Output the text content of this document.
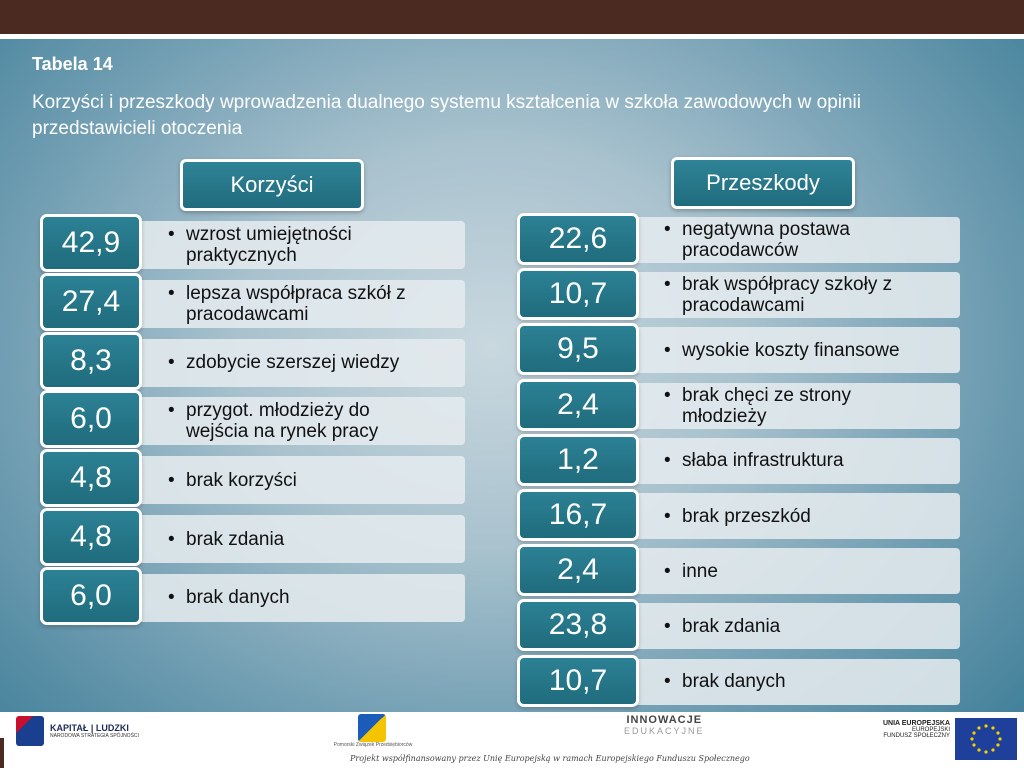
Tabela 14
Korzyści i przeszkody wprowadzenia dualnego systemu kształcenia w szkoła zawodowych w opinii przedstawicieli otoczenia
Korzyści	Przeszkody
• wzrost umiejętności praktycznych
42,9
• lepsza współpraca szkół z pracodawcami
27,4
• zdobycie szerszej wiedzy
8,3
• przygot. młodzieży do wejścia na rynek pracy
6,0
• brak korzyści
4,8
• brak zdania
4,8
• brak danych
6,0
• negatywna postawa pracodawców
22,6
• brak współpracy szkoły z pracodawcami
10,7
• wysokie koszty finansowe
9,5
• brak chęci ze strony młodzieży
2,4
• słaba infrastruktura
1,2
• brak przeszkód
16,7
• inne
2,4
• brak zdania
23,8
• brak danych
10,7
KAPITAŁ | LUDZKI
NARODOWA STRATEGIA SPÓJNOŚCI
Pomorski Związek Przedsiębiorców
INNOWACJE
EDUKACYJNE
Projekt współfinansowany przez Unię Europejską w ramach Europejskiego Funduszu Społecznego
UNIA EUROPEJSKA
EUROPEJSKI
FUNDUSZ SPOŁECZNY
